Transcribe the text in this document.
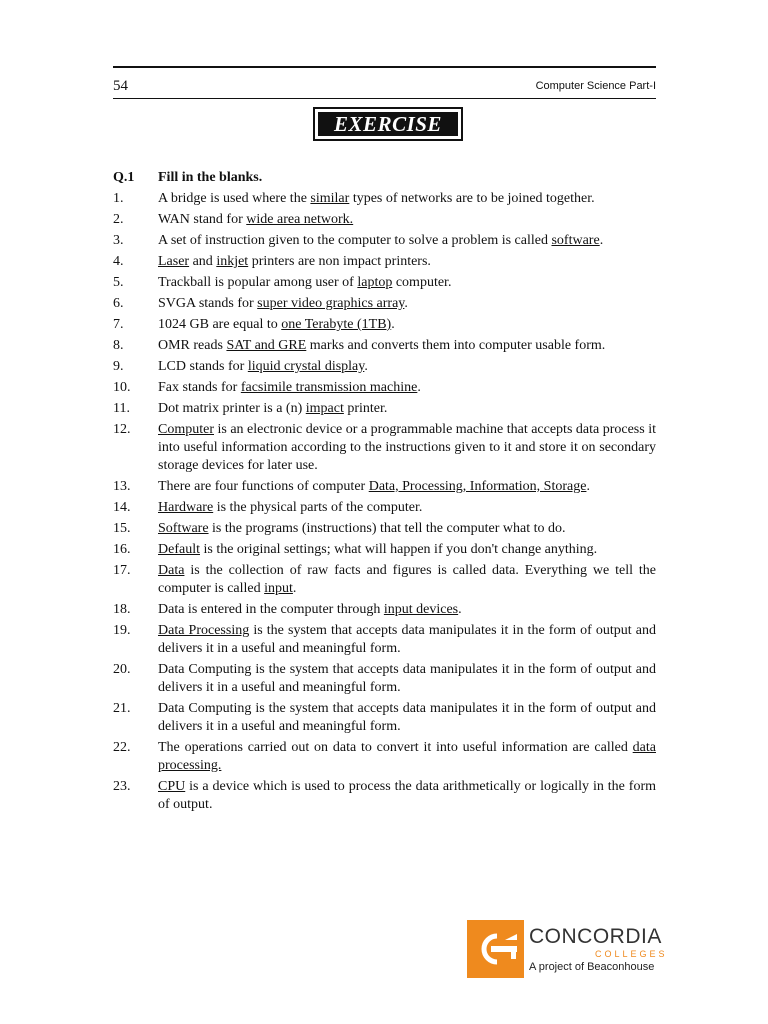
54	Computer Science Part-I
EXERCISE
Q.1 Fill in the blanks.
1. A bridge is used where the similar types of networks are to be joined together.
2. WAN stand for wide area network.
3. A set of instruction given to the computer to solve a problem is called software.
4. Laser and inkjet printers are non impact printers.
5. Trackball is popular among user of laptop computer.
6. SVGA stands for super video graphics array.
7. 1024 GB are equal to one Terabyte (1TB).
8. OMR reads SAT and GRE marks and converts them into computer usable form.
9. LCD stands for liquid crystal display.
10. Fax stands for facsimile transmission machine.
11. Dot matrix printer is a (n) impact printer.
12. Computer is an electronic device or a programmable machine that accepts data process it into useful information according to the instructions given to it and store it on secondary storage devices for later use.
13. There are four functions of computer Data, Processing, Information, Storage.
14. Hardware is the physical parts of the computer.
15. Software is the programs (instructions) that tell the computer what to do.
16. Default is the original settings; what will happen if you don't change anything.
17. Data is the collection of raw facts and figures is called data. Everything we tell the computer is called input.
18. Data is entered in the computer through input devices.
19. Data Processing is the system that accepts data manipulates it in the form of output and delivers it in a useful and meaningful form.
20. Data Computing is the system that accepts data manipulates it in the form of output and delivers it in a useful and meaningful form.
21. Data Computing is the system that accepts data manipulates it in the form of output and delivers it in a useful and meaningful form.
22. The operations carried out on data to convert it into useful information are called data processing.
23. CPU is a device which is used to process the data arithmetically or logically in the form of output.
CONCORDIA
COLLEGES
A project of Beaconhouse
